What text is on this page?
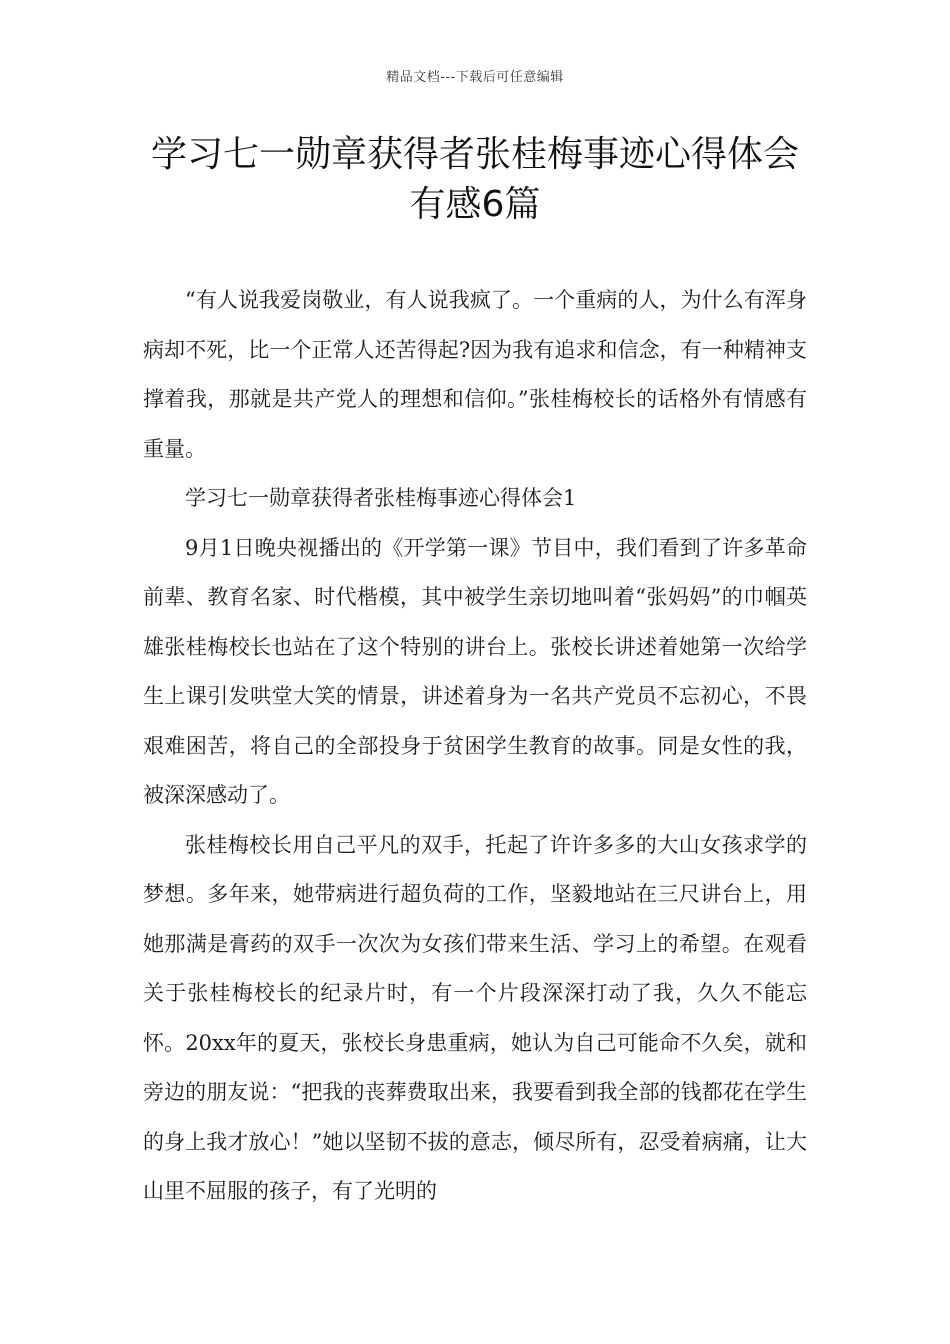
精品文档---下载后可任意编辑
学习七一勋章获得者张桂梅事迹心得体会有感6篇

“有人说我爱岗敬业，有人说我疯了。一个重病的人，为什么有浑身病却不死，比一个正常人还苦得起?因为我有追求和信念，有一种精神支撑着我，那就是共产党人的理想和信仰。”张桂梅校长的话格外有情感有重量。

学习七一勋章获得者张桂梅事迹心得体会1

9月1日晚央视播出的《开学第一课》节目中，我们看到了许多革命前辈、教育名家、时代楷模，其中被学生亲切地叫着“张妈妈”的巾帼英雄张桂梅校长也站在了这个特别的讲台上。张校长讲述着她第一次给学生上课引发哄堂大笑的情景，讲述着身为一名共产党员不忘初心，不畏艰难困苦，将自己的全部投身于贫困学生教育的故事。同是女性的我，被深深感动了。

张桂梅校长用自己平凡的双手，托起了许许多多的大山女孩求学的梦想。多年来，她带病进行超负荷的工作，坚毅地站在三尺讲台上，用她那满是膏药的双手一次次为女孩们带来生活、学习上的希望。在观看关于张桂梅校长的纪录片时，有一个片段深深打动了我，久久不能忘怀。20xx年的夏天，张校长身患重病，她认为自己可能命不久矣，就和旁边的朋友说：“把我的丧葬费取出来，我要看到我全部的钱都花在学生的身上我才放心！”她以坚韧不拔的意志，倾尽所有，忍受着病痛，让大山里不屈服的孩子，有了光明的
